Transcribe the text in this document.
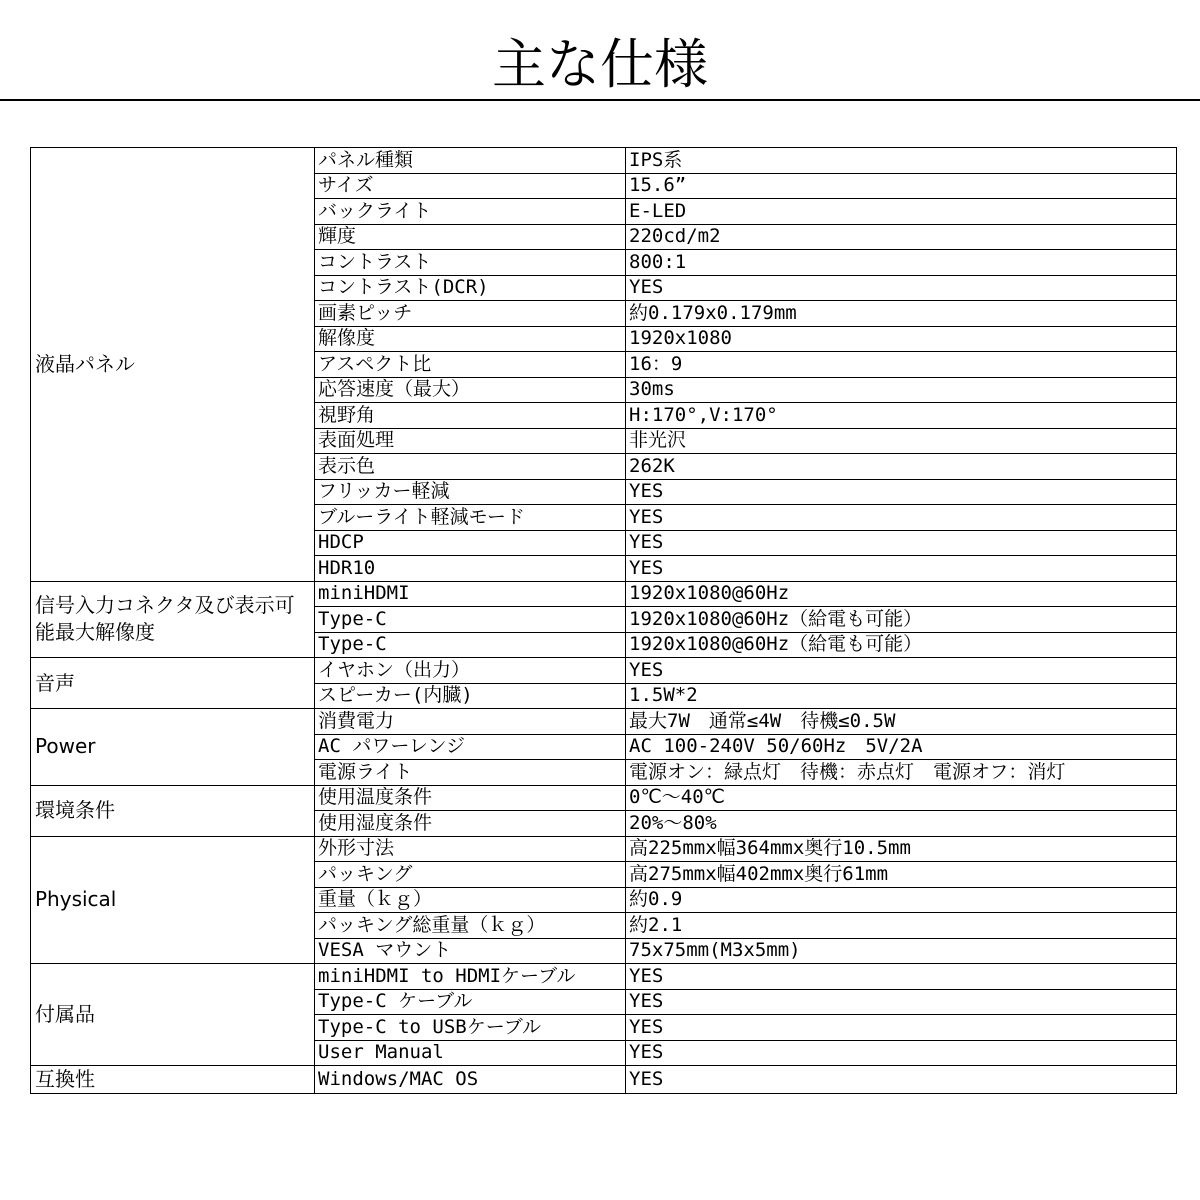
主な仕様
液晶パネル	パネル種類	IPS系
	サイズ	15.6”
	バックライト	E-LED
	輝度	220cd/m2
	コントラスト	800:1
	コントラスト(DCR)	YES
	画素ピッチ	約0.179x0.179mm
	解像度	1920x1080
	アスペクト比	16：9
	応答速度（最大）	30ms
	視野角	H:170°,V:170°
	表面処理	非光沢
	表示色	262K
	フリッカー軽減	YES
	ブルーライト軽減モード	YES
	HDCP	YES
	HDR10	YES
信号入力コネクタ及び表示可能最大解像度	miniHDMI	1920x1080@60Hz
	Type-C	1920x1080@60Hz（給電も可能）
	Type-C	1920x1080@60Hz（給電も可能）
音声	イヤホン（出力）	YES
	スピーカー(内臓)	1.5W*2
Power	消費電力	最大7W　通常≤4W　待機≤0.5W
	AC パワーレンジ	AC 100-240V 50/60Hz　5V/2A
	電源ライト	電源オン：緑点灯　待機：赤点灯　電源オフ：消灯
環境条件	使用温度条件	0℃～40℃
	使用湿度条件	20%～80%
Physical	外形寸法	高225mmx幅364mmx奥行10.5mm
	パッキング	高275mmx幅402mmx奥行61mm
	重量（ｋｇ）	約0.9
	パッキング総重量（ｋｇ）	約2.1
	VESA マウント	75x75mm(M3x5mm)
付属品	miniHDMI to HDMIケーブル	YES
	Type-C ケーブル	YES
	Type-C to USBケーブル	YES
	User Manual	YES
互換性	Windows/MAC OS	YES
